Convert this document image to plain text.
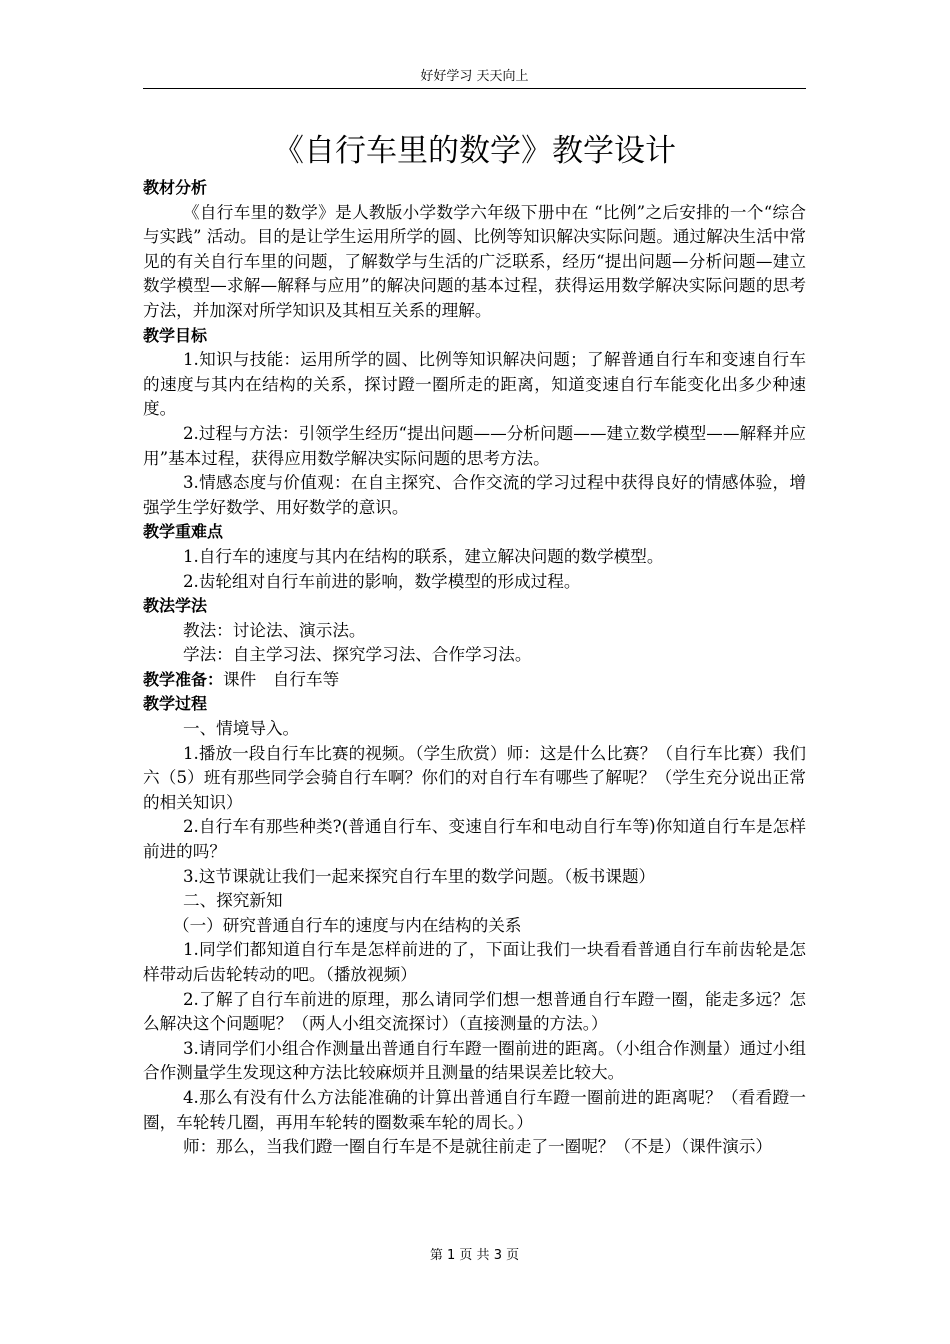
好好学习 天天向上
《自行车里的数学》教学设计

教材分析

《自行车里的数学》是人教版小学数学六年级下册中在 “比例”之后安排的一个“综合与实践” 活动。目的是让学生运用所学的圆、比例等知识解决实际问题。通过解决生活中常见的有关自行车里的问题，了解数学与生活的广泛联系，经历“提出问题—分析问题—建立数学模型—求解—解释与应用”的解决问题的基本过程，获得运用数学解决实际问题的思考方法，并加深对所学知识及其相互关系的理解。

教学目标

1.知识与技能：运用所学的圆、比例等知识解决问题；了解普通自行车和变速自行车的速度与其内在结构的关系，探讨蹬一圈所走的距离，知道变速自行车能变化出多少种速度。

2.过程与方法：引领学生经历“提出问题——分析问题——建立数学模型——解释并应用”基本过程，获得应用数学解决实际问题的思考方法。

3.情感态度与价值观：在自主探究、合作交流的学习过程中获得良好的情感体验，增强学生学好数学、用好数学的意识。

教学重难点

1.自行车的速度与其内在结构的联系，建立解决问题的数学模型。

2.齿轮组对自行车前进的影响，数学模型的形成过程。

教法学法

教法：讨论法、演示法。

学法：自主学习法、探究学习法、合作学习法。

教学准备：课件　自行车等

教学过程

一、情境导入。

1.播放一段自行车比赛的视频。（学生欣赏）师：这是什么比赛？（自行车比赛）我们六（5）班有那些同学会骑自行车啊？你们的对自行车有哪些了解呢？（学生充分说出正常的相关知识）

2.自行车有那些种类?(普通自行车、变速自行车和电动自行车等)你知道自行车是怎样前进的吗？

3.这节课就让我们一起来探究自行车里的数学问题。（板书课题）

二、探究新知

（一）研究普通自行车的速度与内在结构的关系

1.同学们都知道自行车是怎样前进的了，下面让我们一块看看普通自行车前齿轮是怎样带动后齿轮转动的吧。（播放视频）

2.了解了自行车前进的原理，那么请同学们想一想普通自行车蹬一圈，能走多远？怎么解决这个问题呢？（两人小组交流探讨）（直接测量的方法。）

3.请同学们小组合作测量出普通自行车蹬一圈前进的距离。（小组合作测量）通过小组合作测量学生发现这种方法比较麻烦并且测量的结果误差比较大。

4.那么有没有什么方法能准确的计算出普通自行车蹬一圈前进的距离呢？（看看蹬一圈，车轮转几圈，再用车轮转的圈数乘车轮的周长。）

师：那么，当我们蹬一圈自行车是不是就往前走了一圈呢？（不是）（课件演示）

第 1 页 共 3 页
